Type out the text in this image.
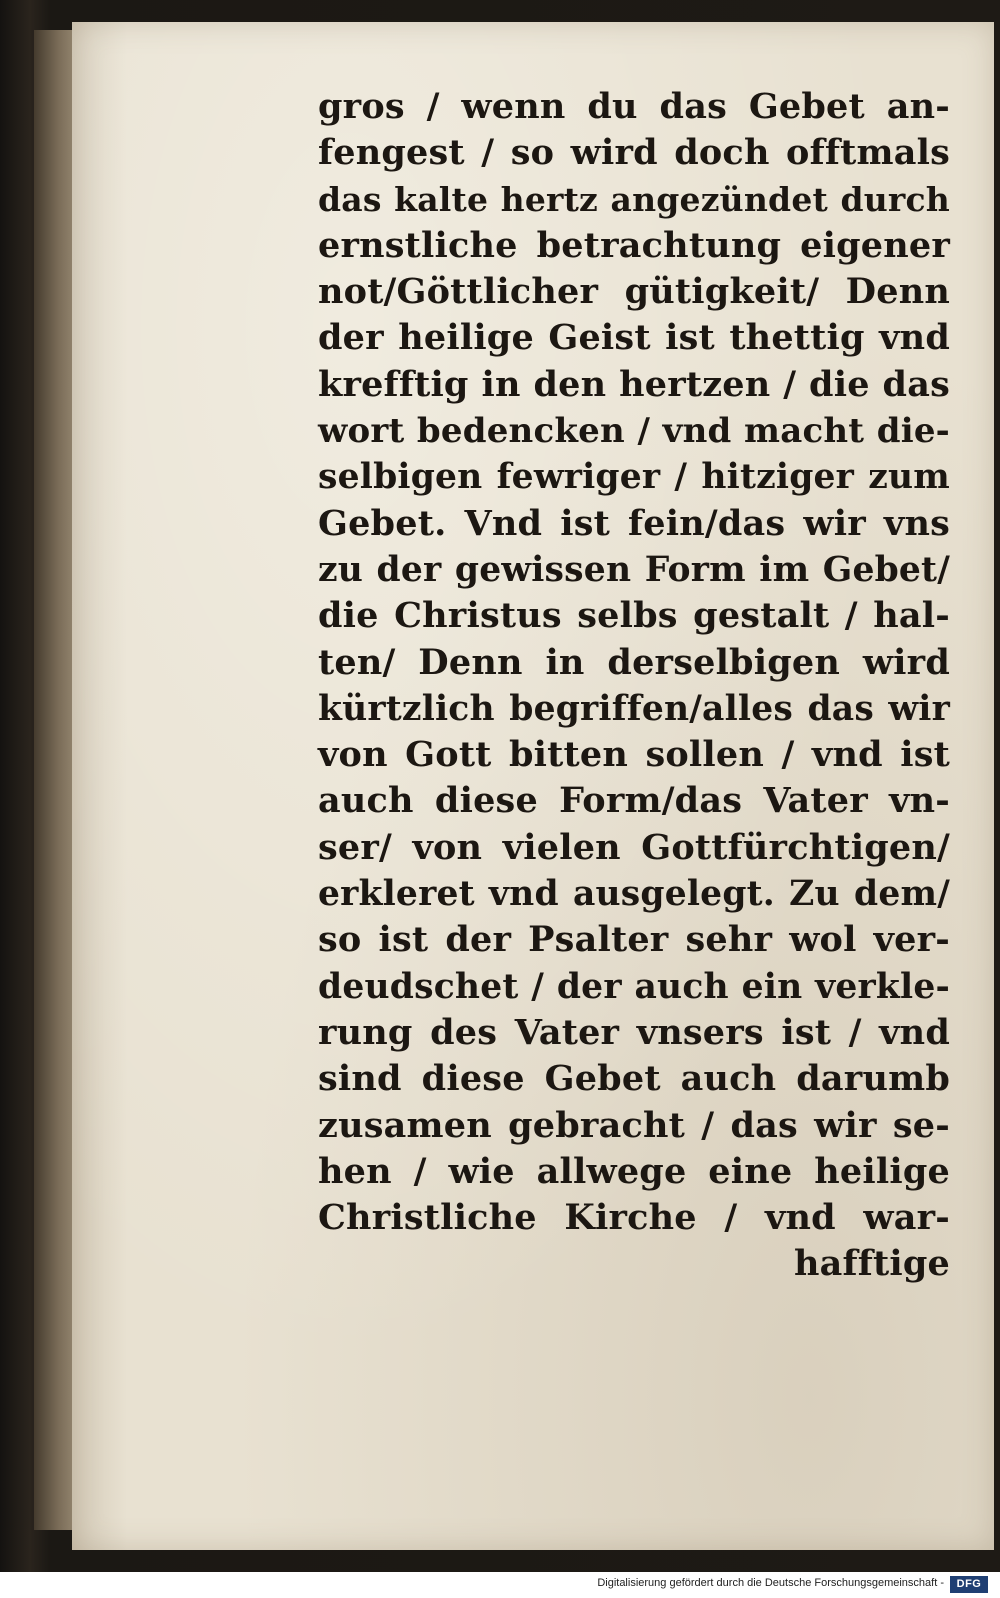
gros / wenn du das Gebet an-
fengest / so wird doch offtmals
das kalte hertz angezündet durch
ernstliche betrachtung eigener
not/Göttlicher gütigkeit/ Denn
der heilige Geist ist thettig vnd
krefftig in den hertzen / die das
wort bedencken / vnd macht die-
selbigen fewriger / hitziger zum
Gebet. Vnd ist fein/das wir vns
zu der gewissen Form im Gebet/
die Christus selbs gestalt / hal-
ten/ Denn in derselbigen wird
kürtzlich begriffen/alles das wir
von Gott bitten sollen / vnd ist
auch diese Form/das Vater vn-
ser/ von vielen Gottfürchtigen/
erkleret vnd ausgelegt. Zu dem/
so ist der Psalter sehr wol ver-
deudschet / der auch ein verkle-
rung des Vater vnsers ist / vnd
sind diese Gebet auch darumb
zusamen gebracht / das wir se-
hen / wie allwege eine heilige
Christliche Kirche / vnd war-
hafftige
Digitalisierung gefördert durch die Deutsche Forschungsgemeinschaft -	DFG
